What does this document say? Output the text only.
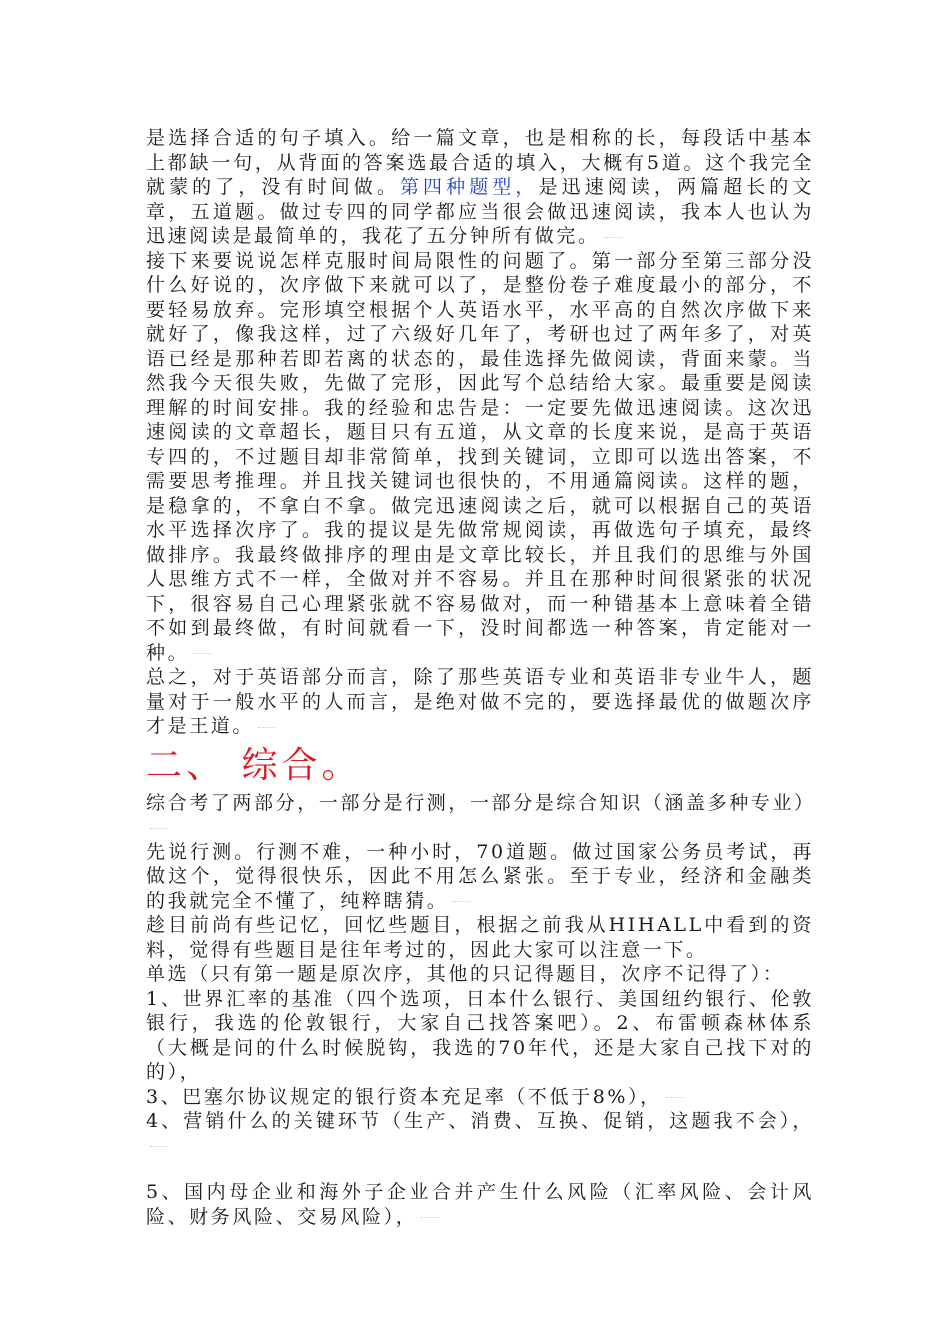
是选择合适的句子填入。给一篇文章，也是相称的长，每段话中基本上都缺一句，从背面的答案选最合适的填入，大概有5道。这个我完全就蒙的了，没有时间做。第四种题型，是迅速阅读，两篇超长的文章，五道题。做过专四的同学都应当很会做迅速阅读，我本人也认为迅速阅读是最简单的，我花了五分钟所有做完。

接下来要说说怎样克服时间局限性的问题了。第一部分至第三部分没什么好说的，次序做下来就可以了，是整份卷子难度最小的部分，不要轻易放弃。完形填空根据个人英语水平，水平高的自然次序做下来就好了，像我这样，过了六级好几年了，考研也过了两年多了，对英语已经是那种若即若离的状态的，最佳选择先做阅读，背面来蒙。当然我今天很失败，先做了完形，因此写个总结给大家。最重要是阅读理解的时间安排。我的经验和忠告是：一定要先做迅速阅读。这次迅速阅读的文章超长，题目只有五道，从文章的长度来说，是高于英语专四的，不过题目却非常简单，找到关键词，立即可以选出答案，不需要思考推理。并且找关键词也很快的，不用通篇阅读。这样的题，是稳拿的，不拿白不拿。做完迅速阅读之后，就可以根据自己的英语水平选择次序了。我的提议是先做常规阅读，再做选句子填充，最终做排序。我最终做排序的理由是文章比较长，并且我们的思维与外国人思维方式不一样，全做对并不容易。并且在那种时间很紧张的状况下，很容易自己心理紧张就不容易做对，而一种错基本上意味着全错不如到最终做，有时间就看一下，没时间都选一种答案，肯定能对一种。

总之，对于英语部分而言，除了那些英语专业和英语非专业牛人，题量对于一般水平的人而言，是绝对做不完的，要选择最优的做题次序才是王道。

二、 综合。

综合考了两部分，一部分是行测，一部分是综合知识（涵盖多种专业）

先说行测。行测不难，一种小时，70道题。做过国家公务员考试，再做这个，觉得很快乐，因此不用怎么紧张。至于专业，经济和金融类的我就完全不懂了，纯粹瞎猜。

趁目前尚有些记忆，回忆些题目，根据之前我从HIHALL中看到的资料，觉得有些题目是往年考过的，因此大家可以注意一下。

单选（只有第一题是原次序，其他的只记得题目，次序不记得了）：

1、世界汇率的基准（四个选项，日本什么银行、美国纽约银行、伦敦银行，我选的伦敦银行，大家自己找答案吧）。2、布雷顿森林体系（大概是问的什么时候脱钩，我选的70年代，还是大家自己找下对的的），

3、巴塞尔协议规定的银行资本充足率（不低于8%），

4、营销什么的关键环节（生产、消费、互换、促销，这题我不会），

5、国内母企业和海外子企业合并产生什么风险（汇率风险、会计风险、财务风险、交易风险），
